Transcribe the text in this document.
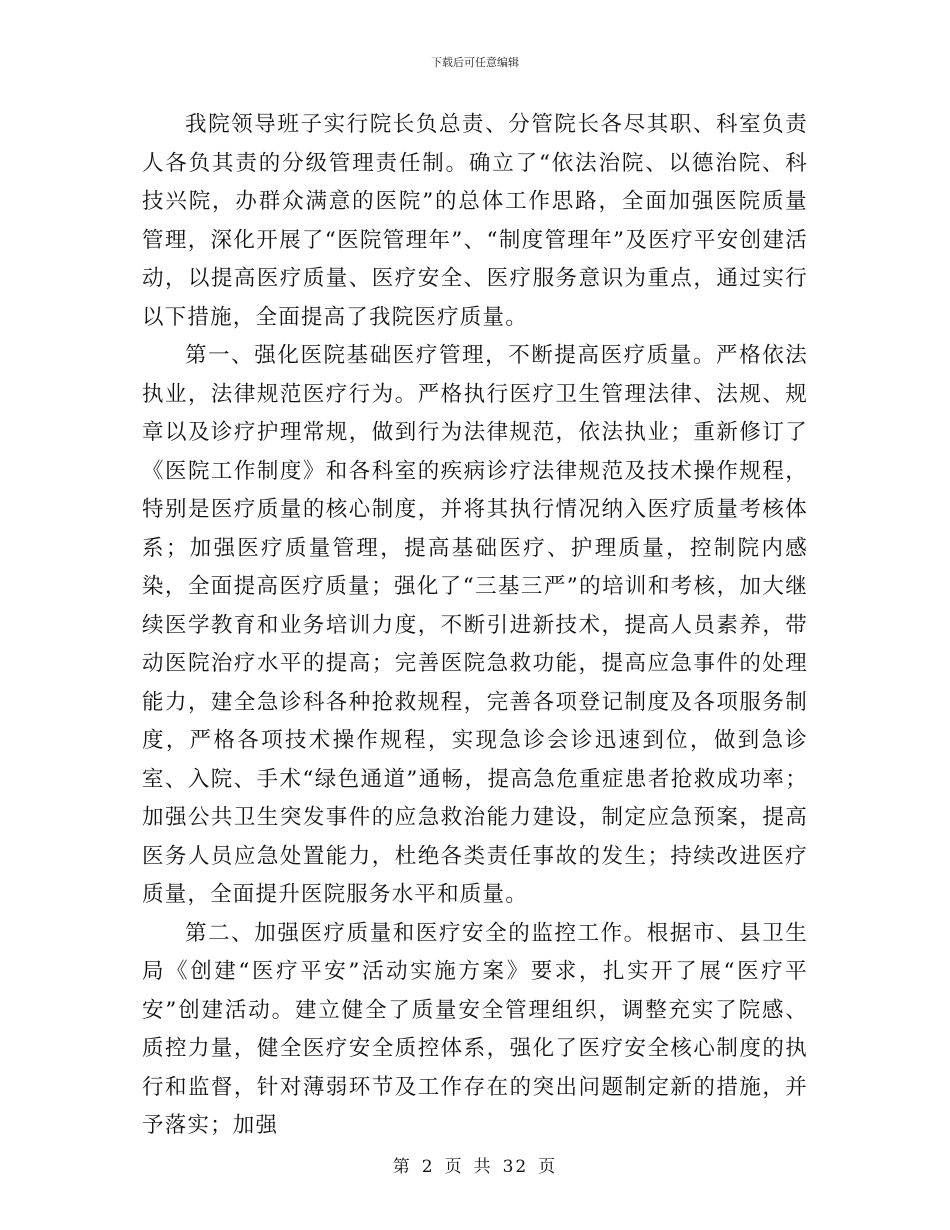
下载后可任意编辑

我院领导班子实行院长负总责、分管院长各尽其职、科室负责人各负其责的分级管理责任制。确立了“依法治院、以德治院、科技兴院，办群众满意的医院”的总体工作思路，全面加强医院质量管理，深化开展了“医院管理年”、“制度管理年”及医疗平安创建活动，以提高医疗质量、医疗安全、医疗服务意识为重点，通过实行以下措施，全面提高了我院医疗质量。

第一、强化医院基础医疗管理，不断提高医疗质量。严格依法执业，法律规范医疗行为。严格执行医疗卫生管理法律、法规、规章以及诊疗护理常规，做到行为法律规范，依法执业；重新修订了《医院工作制度》和各科室的疾病诊疗法律规范及技术操作规程，特别是医疗质量的核心制度，并将其执行情况纳入医疗质量考核体系；加强医疗质量管理，提高基础医疗、护理质量，控制院内感染，全面提高医疗质量；强化了“三基三严”的培训和考核，加大继续医学教育和业务培训力度，不断引进新技术，提高人员素养，带动医院治疗水平的提高；完善医院急救功能，提高应急事件的处理能力，建全急诊科各种抢救规程，完善各项登记制度及各项服务制度，严格各项技术操作规程，实现急诊会诊迅速到位，做到急诊室、入院、手术“绿色通道”通畅，提高急危重症患者抢救成功率；加强公共卫生突发事件的应急救治能力建设，制定应急预案，提高医务人员应急处置能力，杜绝各类责任事故的发生；持续改进医疗质量，全面提升医院服务水平和质量。

第二、加强医疗质量和医疗安全的监控工作。根据市、县卫生局《创建“医疗平安”活动实施方案》要求，扎实开了展“医疗平安”创建活动。建立健全了质量安全管理组织，调整充实了院感、质控力量，健全医疗安全质控体系，强化了医疗安全核心制度的执行和监督，针对薄弱环节及工作存在的突出问题制定新的措施，并予落实；加强

第 2 页 共 32 页
